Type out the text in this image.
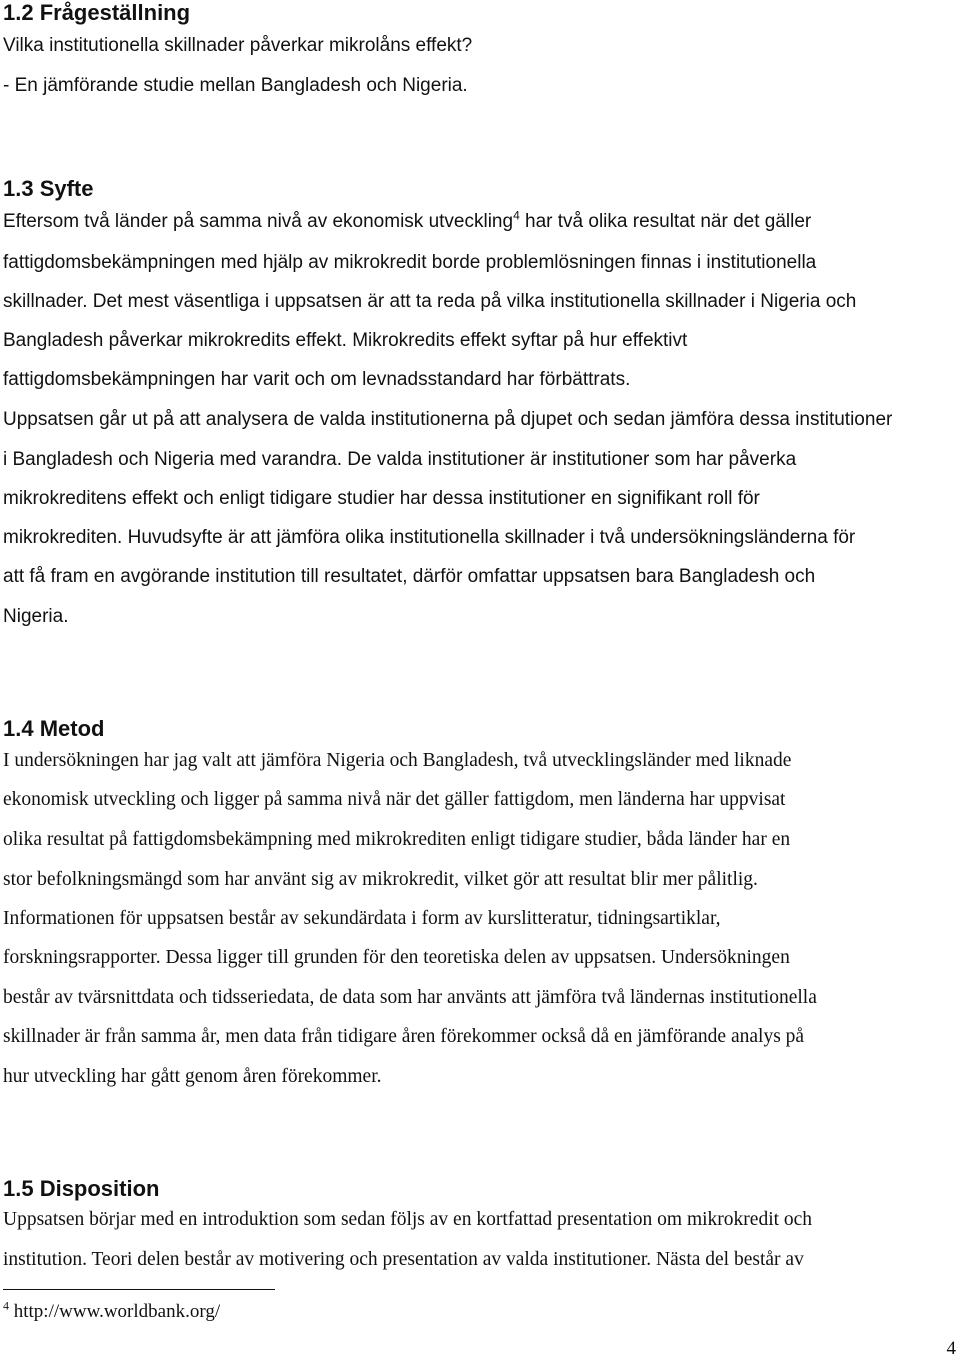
1.2 Frågeställning

Vilka institutionella skillnader påverkar mikrolåns effekt?

- En jämförande studie mellan Bangladesh och Nigeria.

1.3 Syfte

Eftersom två länder på samma nivå av ekonomisk utveckling$^4$ har två olika resultat när det gäller

fattigdomsbekämpningen med hjälp av mikrokredit borde problemlösningen finnas i institutionella

skillnader. Det mest väsentliga i uppsatsen är att ta reda på vilka institutionella skillnader i Nigeria och

Bangladesh påverkar mikrokredits effekt. Mikrokredits effekt syftar på hur effektivt

fattigdomsbekämpningen har varit och om levnadsstandard har förbättrats.

Uppsatsen går ut på att analysera de valda institutionerna på djupet och sedan jämföra dessa institutioner

i Bangladesh och Nigeria med varandra. De valda institutioner är institutioner som har påverka

mikrokreditens effekt och enligt tidigare studier har dessa institutioner en signifikant roll för

mikrokrediten. Huvudsyfte är att jämföra olika institutionella skillnader i två undersökningsländerna för

att få fram en avgörande institution till resultatet, därför omfattar uppsatsen bara Bangladesh och

Nigeria.

1.4 Metod

I undersökningen har jag valt att jämföra Nigeria och Bangladesh, två utvecklingsländer med liknade

ekonomisk utveckling och ligger på samma nivå när det gäller fattigdom, men länderna har uppvisat

olika resultat på fattigdomsbekämpning med mikrokrediten enligt tidigare studier, båda länder har en

stor befolkningsmängd som har använt sig av mikrokredit, vilket gör att resultat blir mer pålitlig.

Informationen för uppsatsen består av sekundärdata i form av kurslitteratur, tidningsartiklar,

forskningsrapporter. Dessa ligger till grunden för den teoretiska delen av uppsatsen. Undersökningen

består av tvärsnittdata och tidsseriedata, de data som har använts att jämföra två ländernas institutionella

skillnader är från samma år, men data från tidigare åren förekommer också då en jämförande analys på

hur utveckling har gått genom åren förekommer.

1.5 Disposition

Uppsatsen börjar med en introduktion som sedan följs av en kortfattad presentation om mikrokredit och

institution. Teori delen består av motivering och presentation av valda institutioner. Nästa del består av

$^4$ http://www.worldbank.org/
4
